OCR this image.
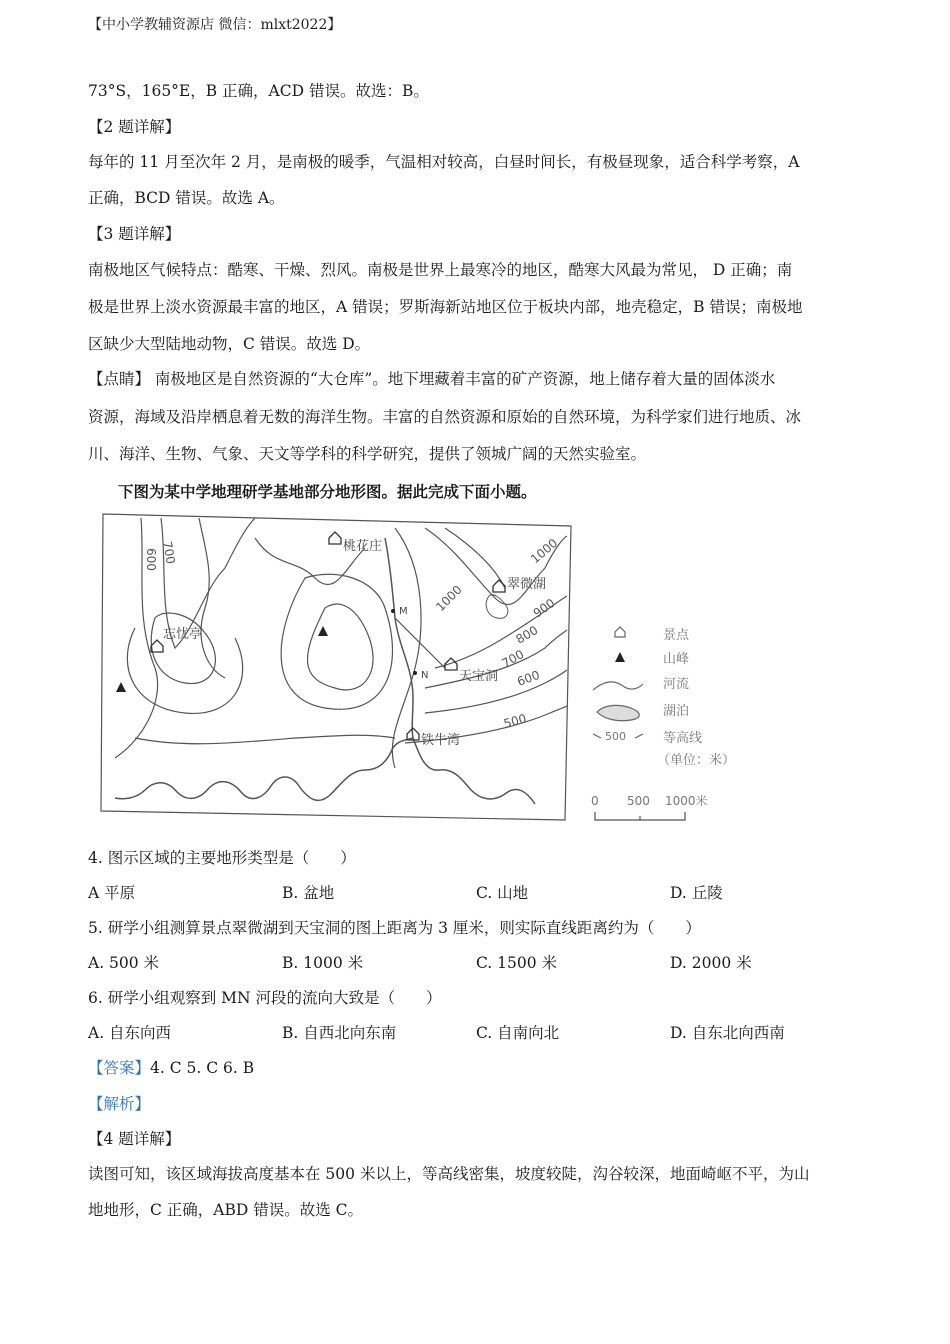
【中小学教辅资源店 微信：mlxt2022】
73°S，165°E，B 正确，ACD 错误。故选：B。
【2 题详解】
每年的 11 月至次年 2 月，是南极的暖季，气温相对较高，白昼时间长，有极昼现象，适合科学考察，A
正确，BCD 错误。故选 A。
【3 题详解】
南极地区气候特点：酷寒、干燥、烈风。南极是世界上最寒冷的地区，酷寒大风最为常见， D 正确；南
极是世界上淡水资源最丰富的地区，A 错误；罗斯海新站地区位于板块内部，地壳稳定，B 错误；南极地
区缺少大型陆地动物，C 错误。故选 D。
【点睛】 南极地区是自然资源的“大仓库”。地下埋藏着丰富的矿产资源，地上储存着大量的固体淡水
资源，海域及沿岸栖息着无数的海洋生物。丰富的自然资源和原始的自然环境，为科学家们进行地质、冰
川、海洋、生物、气象、天文等学科的科学研究，提供了领城广阔的天然实验室。
下图为某中学地理研学基地部分地形图。据此完成下面小题。
桃花庄
翠微湖
忘忧亭
天宝洞
铁牛湾
M
N
600 700	1000
1000	900
800
700
600
500
景点
山峰
河流
湖泊
500	等高线
（单位：米）
0 500 1000米
4. 图示区域的主要地形类型是（　　）
A 平原	B. 盆地	C. 山地	D. 丘陵
5. 研学小组测算景点翠微湖到天宝洞的图上距离为 3 厘米，则实际直线距离约为（　　）
A. 500 米	B. 1000 米	C. 1500 米	D. 2000 米
6. 研学小组观察到 MN 河段的流向大致是（　　）
A. 自东向西	B. 自西北向东南	C. 自南向北	D. 自东北向西南
【答案】4. C 5. C 6. B
【解析】
【4 题详解】
读图可知，该区域海拔高度基本在 500 米以上，等高线密集，坡度较陡，沟谷较深，地面崎岖不平，为山
地地形，C 正确，ABD 错误。故选 C。
